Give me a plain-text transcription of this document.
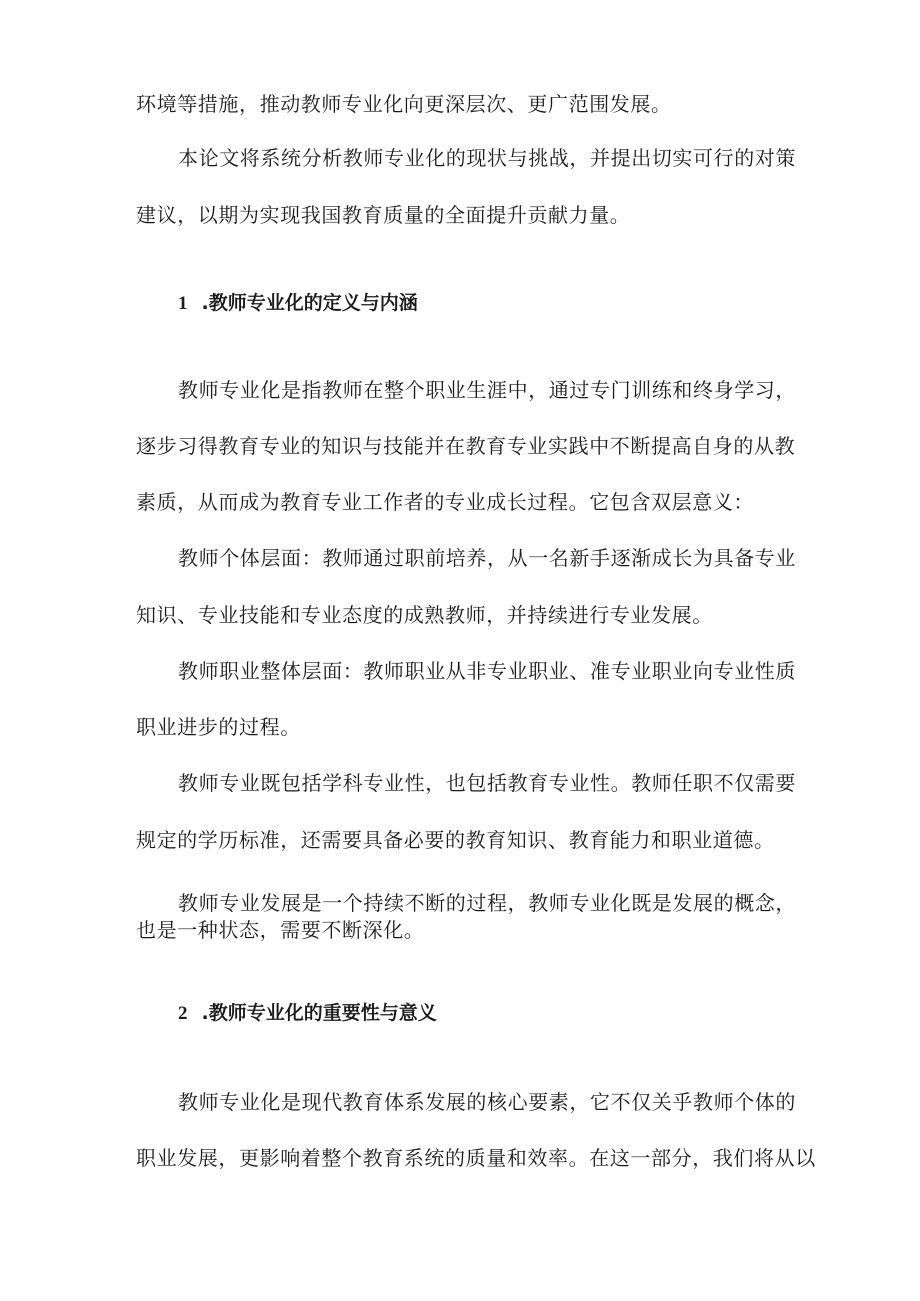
环境等措施，推动教师专业化向更深层次、更广范围发展。
本论文将系统分析教师专业化的现状与挑战，并提出切实可行的对策
建议，以期为实现我国教育质量的全面提升贡献力量。
1 .教师专业化的定义与内涵
教师专业化是指教师在整个职业生涯中，通过专门训练和终身学习，
逐步习得教育专业的知识与技能并在教育专业实践中不断提高自身的从教
素质，从而成为教育专业工作者的专业成长过程。它包含双层意义：
教师个体层面：教师通过职前培养，从一名新手逐渐成长为具备专业
知识、专业技能和专业态度的成熟教师，并持续进行专业发展。
教师职业整体层面：教师职业从非专业职业、准专业职业向专业性质
职业进步的过程。
教师专业既包括学科专业性，也包括教育专业性。教师任职不仅需要
规定的学历标准，还需要具备必要的教育知识、教育能力和职业道德。
教师专业发展是一个持续不断的过程，教师专业化既是发展的概念，
也是一种状态，需要不断深化。
2 .教师专业化的重要性与意义
教师专业化是现代教育体系发展的核心要素，它不仅关乎教师个体的
职业发展，更影响着整个教育系统的质量和效率。在这一部分，我们将从以
